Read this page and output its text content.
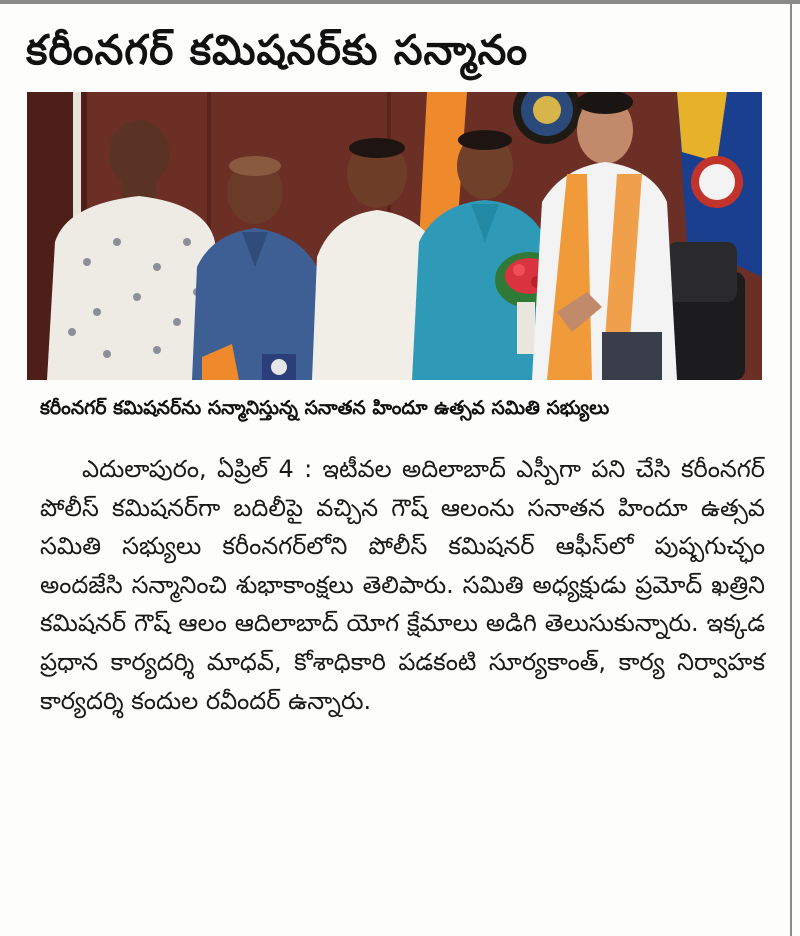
కరీంనగర్ కమిషనర్‌కు సన్మానం
కరీంనగర్ కమిషనర్‌ను సన్మానిస్తున్న సనాతన హిందూ ఉత్సవ సమితి సభ్యులు
ఎదులాపురం, ఏప్రిల్ 4 : ఇటీవల అదిలాబాద్ ఎస్పీగా పని చేసి కరీంనగర్ పోలీస్ కమిషనర్‌గా బదిలీపై వచ్చిన గౌష్ ఆలంను సనాతన హిందూ ఉత్సవ సమితి సభ్యులు కరీంనగర్‌లోని పోలీస్ కమిషనర్ ఆఫీస్‌లో పుష్పగుచ్ఛం అందజేసి సన్మానించి శుభాకాంక్షలు తెలిపారు. సమితి అధ్యక్షుడు ప్రమోద్ ఖత్రిని కమిషనర్ గౌష్ ఆలం ఆదిలాబాద్ యోగ క్షేమాలు అడిగి తెలుసుకున్నారు. ఇక్కడ ప్రధాన కార్యదర్శి మాధవ్, కోశాధికారి పడకంటి సూర్యకాంత్, కార్య నిర్వాహక కార్యదర్శి కందుల రవీందర్ ఉన్నారు.
